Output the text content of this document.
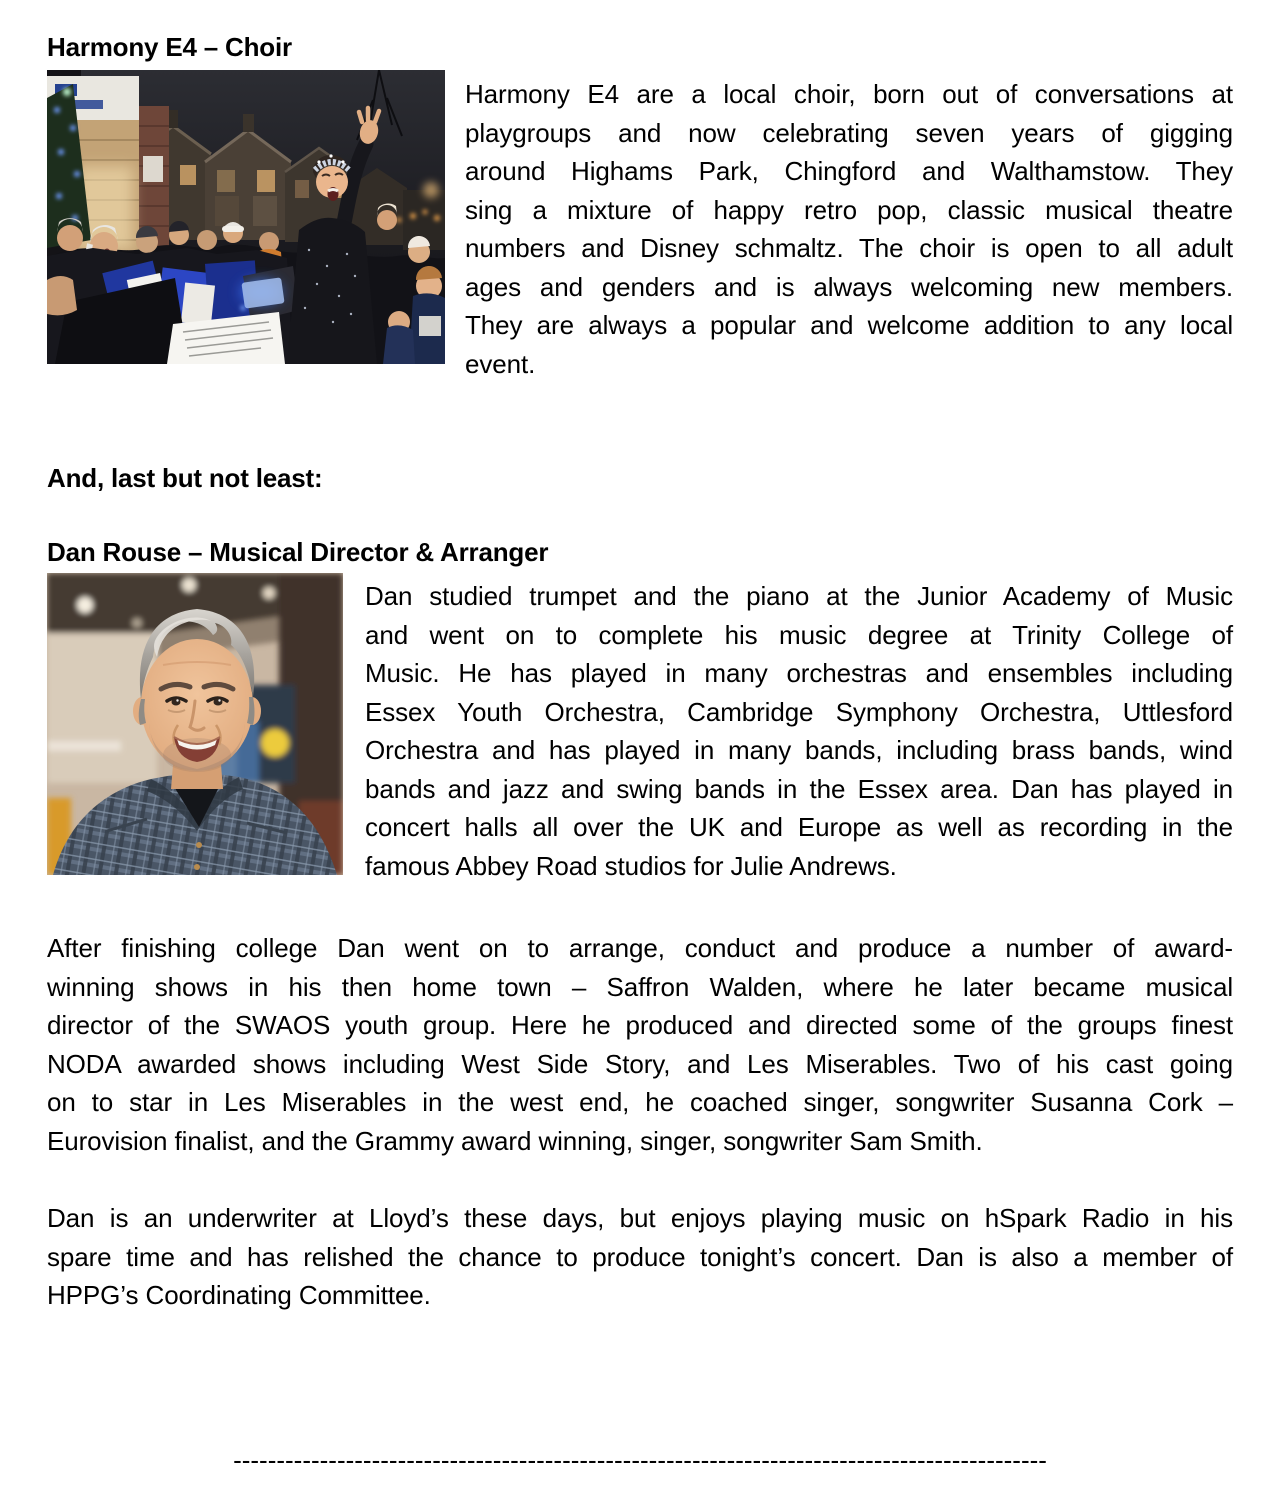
Harmony E4 – Choir
Harmony E4 are a local choir, born out of conversations at
playgroups and now celebrating seven years of gigging
around Highams Park, Chingford and Walthamstow. They
sing a mixture of happy retro pop, classic musical theatre
numbers and Disney schmaltz. The choir is open to all adult
ages and genders and is always welcoming new members.
They are always a popular and welcome addition to any local
event.
And, last but not least:
Dan Rouse – Musical Director & Arranger
Dan studied trumpet and the piano at the Junior Academy of Music
and went on to complete his music degree at Trinity College of
Music. He has played in many orchestras and ensembles including
Essex Youth Orchestra, Cambridge Symphony Orchestra, Uttlesford
Orchestra and has played in many bands, including brass bands, wind
bands and jazz and swing bands in the Essex area. Dan has played in
concert halls all over the UK and Europe as well as recording in the
famous Abbey Road studios for Julie Andrews.
After finishing college Dan went on to arrange, conduct and produce a number of award-
winning shows in his then home town – Saffron Walden, where he later became musical
director of the SWAOS youth group. Here he produced and directed some of the groups finest
NODA awarded shows including West Side Story, and Les Miserables. Two of his cast going
on to star in Les Miserables in the west end, he coached singer, songwriter Susanna Cork –
Eurovision finalist, and the Grammy award winning, singer, songwriter Sam Smith.
Dan is an underwriter at Lloyd’s these days, but enjoys playing music on hSpark Radio in his
spare time and has relished the chance to produce tonight’s concert. Dan is also a member of
HPPG’s Coordinating Committee.
----------------------------------------------------------------------------------------------
